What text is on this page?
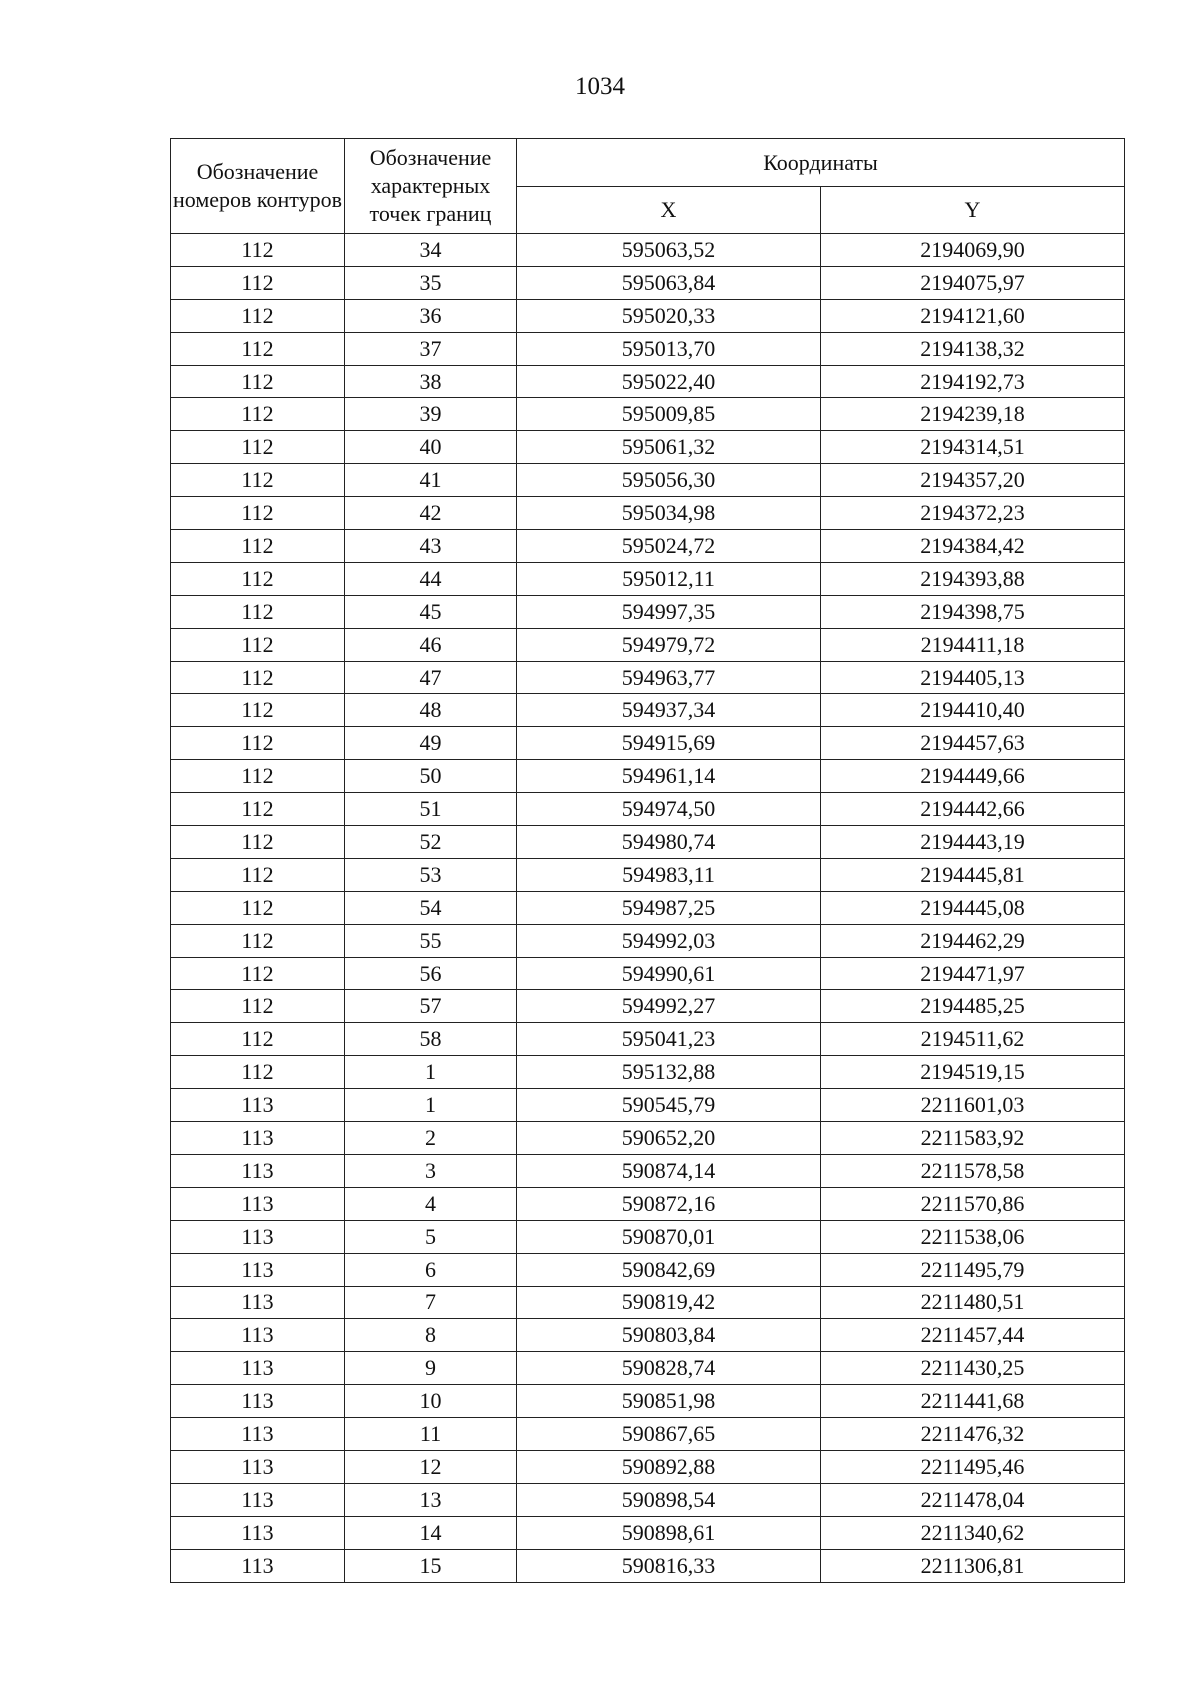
1034
Обозначение номеров контуров	Обозначение характерных точек границ	Координаты	
		X	Y
112	34	595063,52	2194069,90
112	35	595063,84	2194075,97
112	36	595020,33	2194121,60
112	37	595013,70	2194138,32
112	38	595022,40	2194192,73
112	39	595009,85	2194239,18
112	40	595061,32	2194314,51
112	41	595056,30	2194357,20
112	42	595034,98	2194372,23
112	43	595024,72	2194384,42
112	44	595012,11	2194393,88
112	45	594997,35	2194398,75
112	46	594979,72	2194411,18
112	47	594963,77	2194405,13
112	48	594937,34	2194410,40
112	49	594915,69	2194457,63
112	50	594961,14	2194449,66
112	51	594974,50	2194442,66
112	52	594980,74	2194443,19
112	53	594983,11	2194445,81
112	54	594987,25	2194445,08
112	55	594992,03	2194462,29
112	56	594990,61	2194471,97
112	57	594992,27	2194485,25
112	58	595041,23	2194511,62
112	1	595132,88	2194519,15
113	1	590545,79	2211601,03
113	2	590652,20	2211583,92
113	3	590874,14	2211578,58
113	4	590872,16	2211570,86
113	5	590870,01	2211538,06
113	6	590842,69	2211495,79
113	7	590819,42	2211480,51
113	8	590803,84	2211457,44
113	9	590828,74	2211430,25
113	10	590851,98	2211441,68
113	11	590867,65	2211476,32
113	12	590892,88	2211495,46
113	13	590898,54	2211478,04
113	14	590898,61	2211340,62
113	15	590816,33	2211306,81
